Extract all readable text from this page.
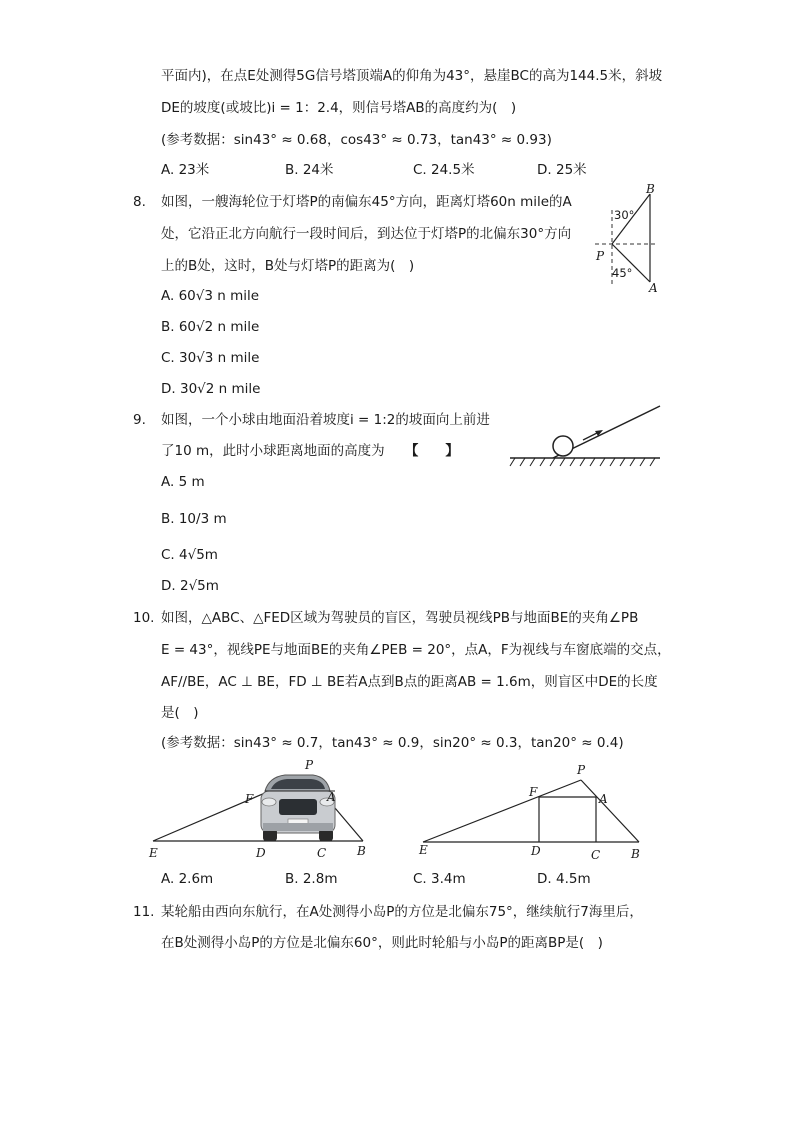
平面内)，在点E处测得5G信号塔顶端A的仰角为43°，悬崖BC的高为144.5米，斜坡
DE的坡度(或坡比)i = 1：2.4，则信号塔AB的高度约为(　)
(参考数据：sin43° ≈ 0.68，cos43° ≈ 0.73，tan43° ≈ 0.93)
A. 23米	B. 24米	C. 24.5米	D. 25米
8. 如图，一艘海轮位于灯塔P的南偏东45°方向，距离灯塔60n mile的A
处，它沿正北方向航行一段时间后，到达位于灯塔P的北偏东30°方向
上的B处，这时，B处与灯塔P的距离为(　)
A. 60√3 n mile
B. 60√2 n mile
C. 30√3 n mile
D. 30√2 n mile
B
P
A
30°
45°
9. 如图，一个小球由地面沿着坡度i = 1:2的坡面向上前进
了10 m，此时小球距离地面的高度为 【　　】
A. 5 m
B. 10/3 m
C. 4√5m
D. 2√5m
10. 如图，△ABC、△FED区域为驾驶员的盲区，驾驶员视线PB与地面BE的夹角∠PB
E = 43°，视线PE与地面BE的夹角∠PEB = 20°，点A，F为视线与车窗底端的交点，
AF//BE，AC ⊥ BE，FD ⊥ BE若A点到B点的距离AB = 1.6m，则盲区中DE的长度
是(　)
(参考数据：sin43° ≈ 0.7，tan43° ≈ 0.9，sin20° ≈ 0.3，tan20° ≈ 0.4)
P
F	A
E	D	C	B
P
F	A
E	D	C	B
A. 2.6m	B. 2.8m	C. 3.4m	D. 4.5m
11. 某轮船由西向东航行，在A处测得小岛P的方位是北偏东75°，继续航行7海里后，
在B处测得小岛P的方位是北偏东60°，则此时轮船与小岛P的距离BP是(　)
